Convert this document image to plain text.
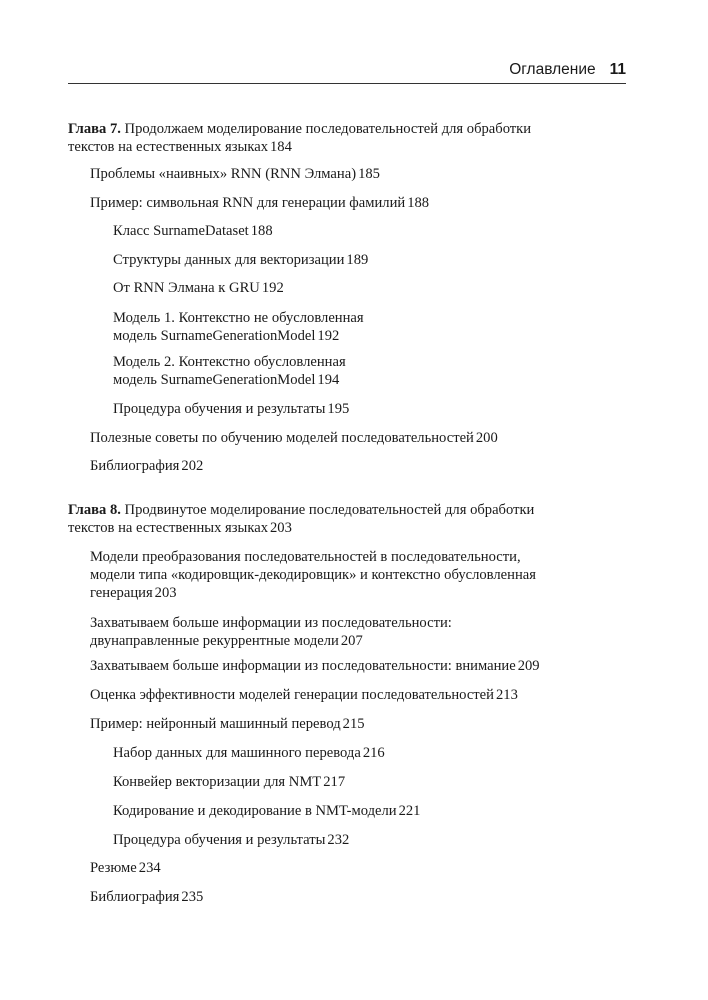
Оглавление 11
Глава 7. Продолжаем моделирование последовательностей для обработки
текстов на естественных языках 184
Проблемы «наивных» RNN (RNN Элмана) 185
Пример: символьная RNN для генерации фамилий 188
Класс SurnameDataset 188
Структуры данных для векторизации 189
От RNN Элмана к GRU 192
Модель 1. Контекстно не обусловленная
модель SurnameGenerationModel 192
Модель 2. Контекстно обусловленная
модель SurnameGenerationModel 194
Процедура обучения и результаты 195
Полезные советы по обучению моделей последовательностей 200
Библиография 202
Глава 8. Продвинутое моделирование последовательностей для обработки
текстов на естественных языках 203
Модели преобразования последовательностей в последовательности,
модели типа «кодировщик-декодировщик» и контекстно обусловленная
генерация 203
Захватываем больше информации из последовательности:
двунаправленные рекуррентные модели 207
Захватываем больше информации из последовательности: внимание 209
Оценка эффективности моделей генерации последовательностей 213
Пример: нейронный машинный перевод 215
Набор данных для машинного перевода 216
Конвейер векторизации для NMT 217
Кодирование и декодирование в NMT-модели 221
Процедура обучения и результаты 232
Резюме 234
Библиография 235
